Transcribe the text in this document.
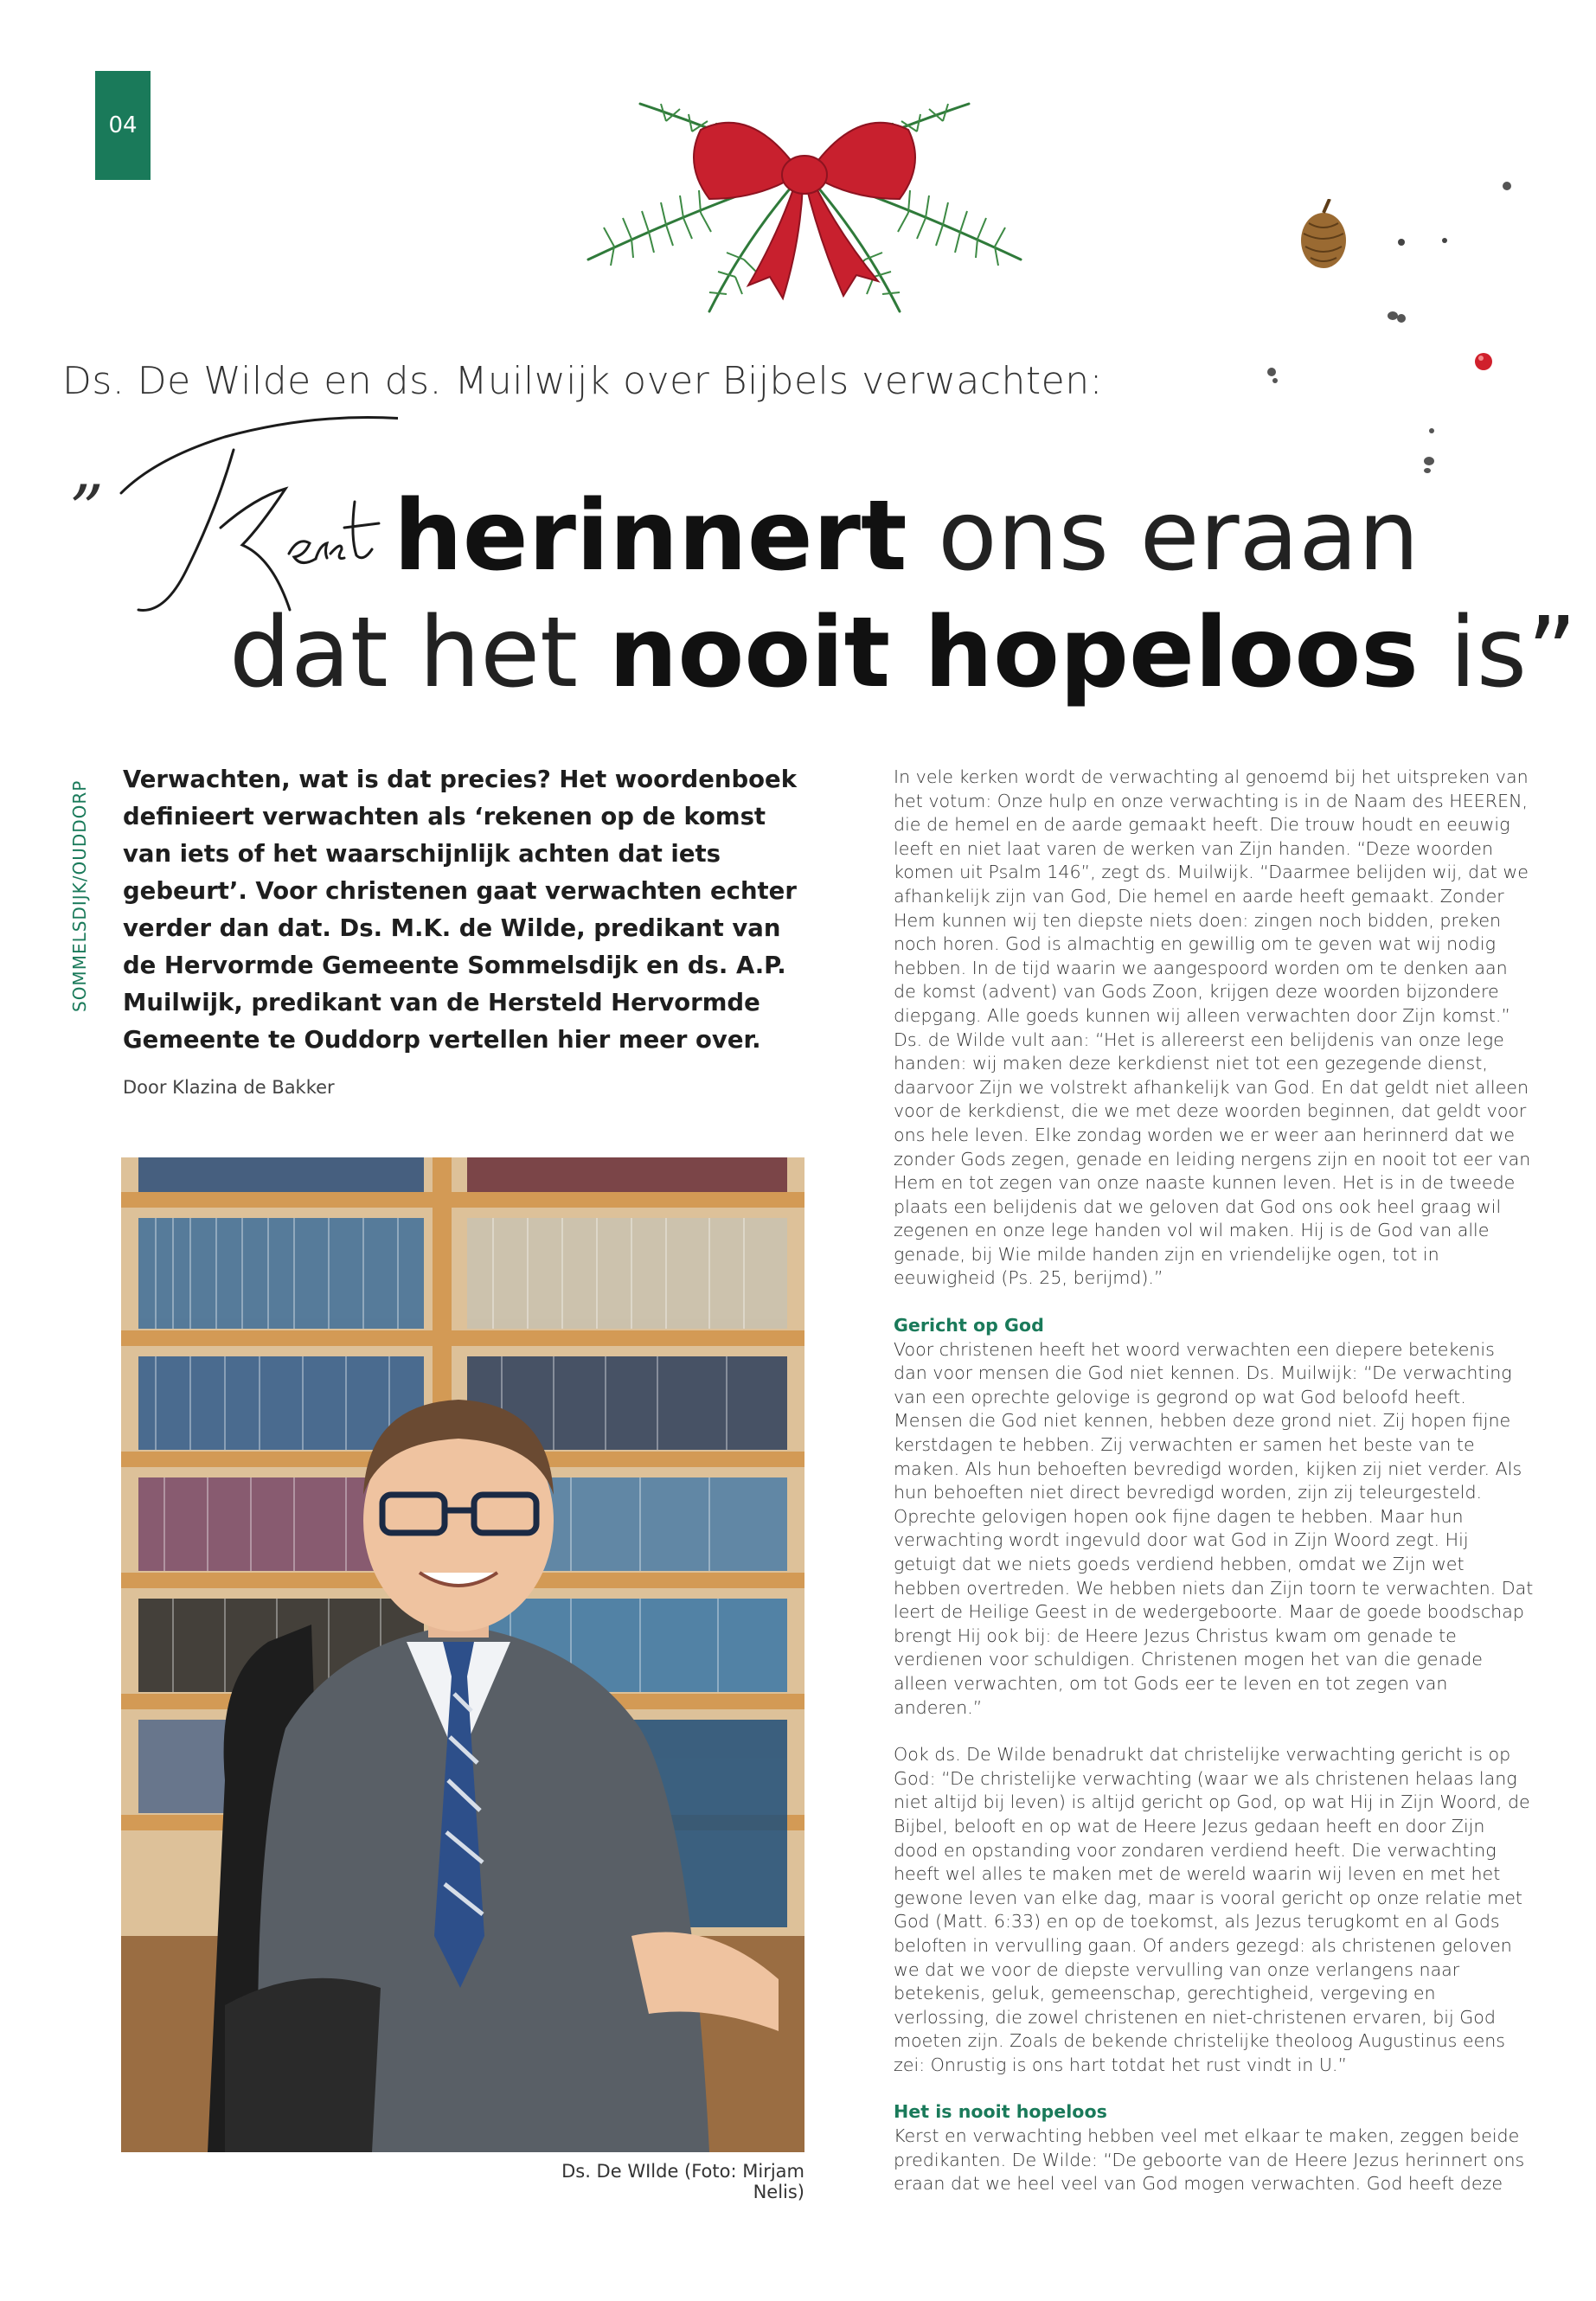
04
Ds. De Wilde en ds. Muilwijk over Bijbels verwachten:
”	herinnert ons eraan
dat het nooit hopeloos is”
SOMMELSDIJK/OUDDORP
Verwachten, wat is dat precies? Het woordenboek definieert verwachten als ‘rekenen op de komst van iets of het waarschijnlijk achten dat iets gebeurt’. Voor christenen gaat verwachten echter verder dan dat. Ds. M.K. de Wilde, predikant van de Hervormde Gemeente Sommelsdijk en ds. A.P. Muilwijk, predikant van de Hersteld Hervormde Gemeente te Ouddorp vertellen hier meer over.
Door Klazina de Bakker
Ds. De WIlde (Foto: Mirjam Nelis)

In vele kerken wordt de verwachting al genoemd bij het uitspreken van het votum: Onze hulp en onze verwachting is in de Naam des HEEREN, die de hemel en de aarde gemaakt heeft. Die trouw houdt en eeuwig leeft en niet laat varen de werken van Zijn handen. “Deze woorden komen uit Psalm 146”, zegt ds. Muilwijk. “Daarmee belijden wij, dat we afhankelijk zijn van God, Die hemel en aarde heeft gemaakt. Zonder Hem kunnen wij ten diepste niets doen: zingen noch bidden, preken noch horen. God is almachtig en gewillig om te geven wat wij nodig hebben. In de tijd waarin we aangespoord worden om te denken aan de komst (advent) van Gods Zoon, krijgen deze woorden bijzondere diepgang. Alle goeds kunnen wij alleen verwachten door Zijn komst.” Ds. de Wilde vult aan: “Het is allereerst een belijdenis van onze lege handen: wij maken deze kerkdienst niet tot een gezegende dienst, daarvoor Zijn we volstrekt afhankelijk van God. En dat geldt niet alleen voor de kerkdienst, die we met deze woorden beginnen, dat geldt voor ons hele leven. Elke zondag worden we er weer aan herinnerd dat we zonder Gods zegen, genade en leiding nergens zijn en nooit tot eer van Hem en tot zegen van onze naaste kunnen leven. Het is in de tweede plaats een belijdenis dat we geloven dat God ons ook heel graag wil zegenen en onze lege handen vol wil maken. Hij is de God van alle genade, bij Wie milde handen zijn en vriendelijke ogen, tot in eeuwigheid (Ps. 25, berijmd).”

Gericht op God

Voor christenen heeft het woord verwachten een diepere betekenis dan voor mensen die God niet kennen. Ds. Muilwijk: “De verwachting van een oprechte gelovige is gegrond op wat God beloofd heeft. Mensen die God niet kennen, hebben deze grond niet. Zij hopen fijne kerstdagen te hebben. Zij verwachten er samen het beste van te maken. Als hun behoeften bevredigd worden, kijken zij niet verder. Als hun behoeften niet direct bevredigd worden, zijn zij teleurgesteld. Oprechte gelovigen hopen ook fijne dagen te hebben. Maar hun verwachting wordt ingevuld door wat God in Zijn Woord zegt. Hij getuigt dat we niets goeds verdiend hebben, omdat we Zijn wet hebben overtreden. We hebben niets dan Zijn toorn te verwachten. Dat leert de Heilige Geest in de wedergeboorte. Maar de goede boodschap brengt Hij ook bij: de Heere Jezus Christus kwam om genade te verdienen voor schuldigen. Christenen mogen het van die genade alleen verwachten, om tot Gods eer te leven en tot zegen van anderen.”

Ook ds. De Wilde benadrukt dat christelijke verwachting gericht is op God: “De christelijke verwachting (waar we als christenen helaas lang niet altijd bij leven) is altijd gericht op God, op wat Hij in Zijn Woord, de Bijbel, belooft en op wat de Heere Jezus gedaan heeft en door Zijn dood en opstanding voor zondaren verdiend heeft. Die verwachting heeft wel alles te maken met de wereld waarin wij leven en met het gewone leven van elke dag, maar is vooral gericht op onze relatie met God (Matt. 6:33) en op de toekomst, als Jezus terugkomt en al Gods beloften in vervulling gaan. Of anders gezegd: als christenen geloven we dat we voor de diepste vervulling van onze verlangens naar betekenis, geluk, gemeenschap, gerechtigheid, vergeving en verlossing, die zowel christenen en niet-christenen ervaren, bij God moeten zijn. Zoals de bekende christelijke theoloog Augustinus eens zei: Onrustig is ons hart totdat het rust vindt in U.”

Het is nooit hopeloos

Kerst en verwachting hebben veel met elkaar te maken, zeggen beide predikanten. De Wilde: “De geboorte van de Heere Jezus herinnert ons eraan dat we heel veel van God mogen verwachten. God heeft deze
